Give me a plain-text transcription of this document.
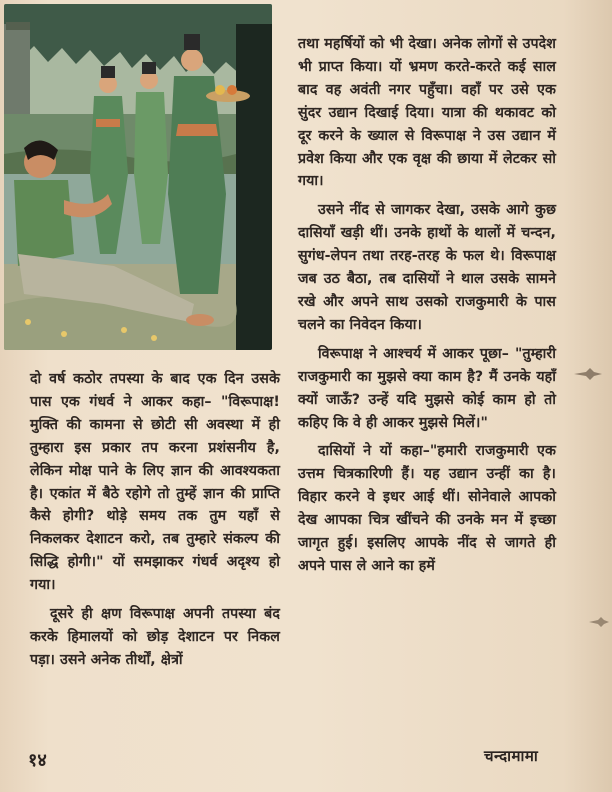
दो वर्ष कठोर तपस्या के बाद एक दिन उसके पास एक गंधर्व ने आकर कहा– "विरूपाक्ष! मुक्ति की कामना से छोटी सी अवस्था में ही तुम्हारा इस प्रकार तप करना प्रशंसनीय है, लेकिन मोक्ष पाने के लिए ज्ञान की आवश्यकता है। एकांत में बैठे रहोगे तो तुम्हें ज्ञान की प्राप्ति कैसे होगी? थोड़े समय तक तुम यहाँ से निकलकर देशाटन करो, तब तुम्हारे संकल्प की सिद्धि होगी।" यों समझाकर गंधर्व अदृश्य हो गया।

दूसरे ही क्षण विरूपाक्ष अपनी तपस्या बंद करके हिमालयों को छोड़ देशाटन पर निकल पड़ा। उसने अनेक तीर्थों, क्षेत्रों

तथा महर्षियों को भी देखा। अनेक लोगों से उपदेश भी प्राप्त किया। यों भ्रमण करते-करते कई साल बाद वह अवंती नगर पहुँचा। वहाँ पर उसे एक सुंदर उद्यान दिखाई दिया। यात्रा की थकावट को दूर करने के ख्याल से विरूपाक्ष ने उस उद्यान में प्रवेश किया और एक वृक्ष की छाया में लेटकर सो गया।

उसने नींद से जागकर देखा, उसके आगे कुछ दासियाँ खड़ी थीं। उनके हाथों के थालों में चन्दन, सुगंध-लेपन तथा तरह-तरह के फल थे। विरूपाक्ष जब उठ बैठा, तब दासियों ने थाल उसके सामने रखे और अपने साथ उसको राजकुमारी के पास चलने का निवेदन किया।

विरूपाक्ष ने आश्चर्य में आकर पूछा– "तुम्हारी राजकुमारी का मुझसे क्या काम है? मैं उनके यहाँ क्यों जाऊँ? उन्हें यदि मुझसे कोई काम हो तो कहिए कि वे ही आकर मुझसे मिलें।"

दासियों ने यों कहा–"हमारी राजकुमारी एक उत्तम चित्रकारिणी हैं। यह उद्यान उन्हीं का है। विहार करने वे इधर आई थीं। सोनेवाले आपको देख आपका चित्र खींचने की उनके मन में इच्छा जागृत हुई। इसलिए आपके नींद से जागते ही अपने पास ले आने का हमें

१४	चन्दामामा
